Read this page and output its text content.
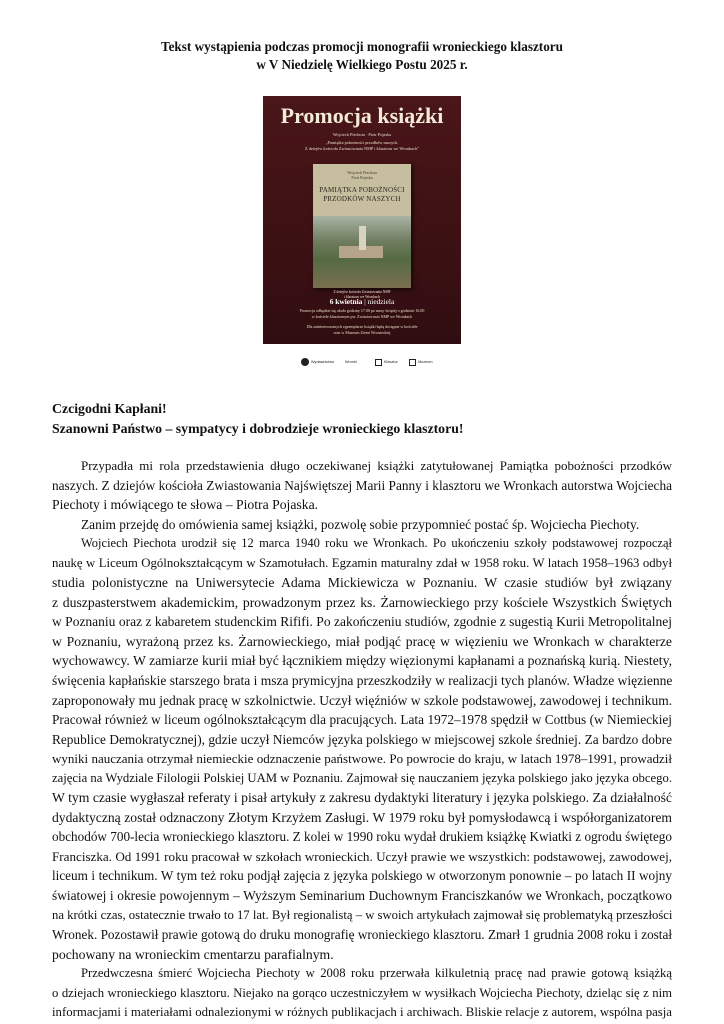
Tekst wystąpienia podczas promocji monografii wronieckiego klasztoru
w V Niedzielę Wielkiego Postu 2025 r.
Promocja książki
Wojciech Piechota · Piotr Pojaska
„Pamiątka pobożności przodków naszych.
Z dziejów kościoła Zwiastowania NMP i klasztoru we Wronkach”
Wojciech Piechota
Piotr Pojaska
PAMIĄTKA POBOŻNOŚCI
PRZODKÓW NASZYCH
Z dziejów kościoła Zwiastowania NMP
i klasztoru we Wronkach
6 kwietnia | niedziela
Promocja odbędzie się około godziny 17.00 po mszy świętej o godzinie 16.00
w kościele klasztornym pw. Zwiastowania NMP we Wronkach
Dla zainteresowanych egzemplarze książki będą dostępne w kościele
oraz w Muzeum Ziemi Wronieckiej
Wydawnictwo	Wronki	Klasztor	Muzeum
Czcigodni Kapłani!
Szanowni Państwo – sympatycy i dobrodzieje wronieckiego klasztoru!
Przypadła mi rola przedstawienia długo oczekiwanej książki zatytułowanej Pamiątka pobożności przodków
naszych. Z dziejów kościoła Zwiastowania Najświętszej Marii Panny i klasztoru we Wronkach autorstwa Wojciecha
Piechoty i mówiącego te słowa – Piotra Pojaska.
Zanim przejdę do omówienia samej książki, pozwolę sobie przypomnieć postać śp. Wojciecha Piechoty.
Wojciech Piechota urodził się 12 marca 1940 roku we Wronkach. Po ukończeniu szkoły podstawowej rozpoczął
naukę w Liceum Ogólnokształcącym w Szamotułach. Egzamin maturalny zdał w 1958 roku. W latach 1958–1963 odbył
studia polonistyczne na Uniwersytecie Adama Mickiewicza w Poznaniu. W czasie studiów był związany
z duszpasterstwem akademickim, prowadzonym przez ks. Żarnowieckiego przy kościele Wszystkich Świętych
w Poznaniu oraz z kabaretem studenckim Rififi. Po zakończeniu studiów, zgodnie z sugestią Kurii Metropolitalnej
w Poznaniu, wyrażoną przez ks. Żarnowieckiego, miał podjąć pracę w więzieniu we Wronkach w charakterze
wychowawcy. W zamiarze kurii miał być łącznikiem między więzionymi kapłanami a poznańską kurią. Niestety,
święcenia kapłańskie starszego brata i msza prymicyjna przeszkodziły w realizacji tych planów. Władze więzienne
zaproponowały mu jednak pracę w szkolnictwie. Uczył więźniów w szkole podstawowej, zawodowej i technikum.
Pracował również w liceum ogólnokształcącym dla pracujących. Lata 1972–1978 spędził w Cottbus (w Niemieckiej
Republice Demokratycznej), gdzie uczył Niemców języka polskiego w miejscowej szkole średniej. Za bardzo dobre
wyniki nauczania otrzymał niemieckie odznaczenie państwowe. Po powrocie do kraju, w latach 1978–1991, prowadził
zajęcia na Wydziale Filologii Polskiej UAM w Poznaniu. Zajmował się nauczaniem języka polskiego jako języka obcego.
W tym czasie wygłaszał referaty i pisał artykuły z zakresu dydaktyki literatury i języka polskiego. Za działalność
dydaktyczną został odznaczony Złotym Krzyżem Zasługi. W 1979 roku był pomysłodawcą i współorganizatorem
obchodów 700-lecia wronieckiego klasztoru. Z kolei w 1990 roku wydał drukiem książkę Kwiatki z ogrodu świętego
Franciszka. Od 1991 roku pracował w szkołach wronieckich. Uczył prawie we wszystkich: podstawowej, zawodowej,
liceum i technikum. W tym też roku podjął zajęcia z języka polskiego w otworzonym ponownie – po latach II wojny
światowej i okresie powojennym – Wyższym Seminarium Duchownym Franciszkanów we Wronkach, początkowo
na krótki czas, ostatecznie trwało to 17 lat. Był regionalistą – w swoich artykułach zajmował się problematyką przeszłości
Wronek. Pozostawił prawie gotową do druku monografię wronieckiego klasztoru. Zmarł 1 grudnia 2008 roku i został
pochowany na wronieckim cmentarzu parafialnym.
Przedwczesna śmierć Wojciecha Piechoty w 2008 roku przerwała kilkuletnią pracę nad prawie gotową książką
o dziejach wronieckiego klasztoru. Niejako na gorąco uczestniczyłem w wysiłkach Wojciecha Piechoty, dzieląc się z nim
informacjami i materiałami odnalezionymi w różnych publikacjach i archiwach. Bliskie relacje z autorem, wspólna pasja
